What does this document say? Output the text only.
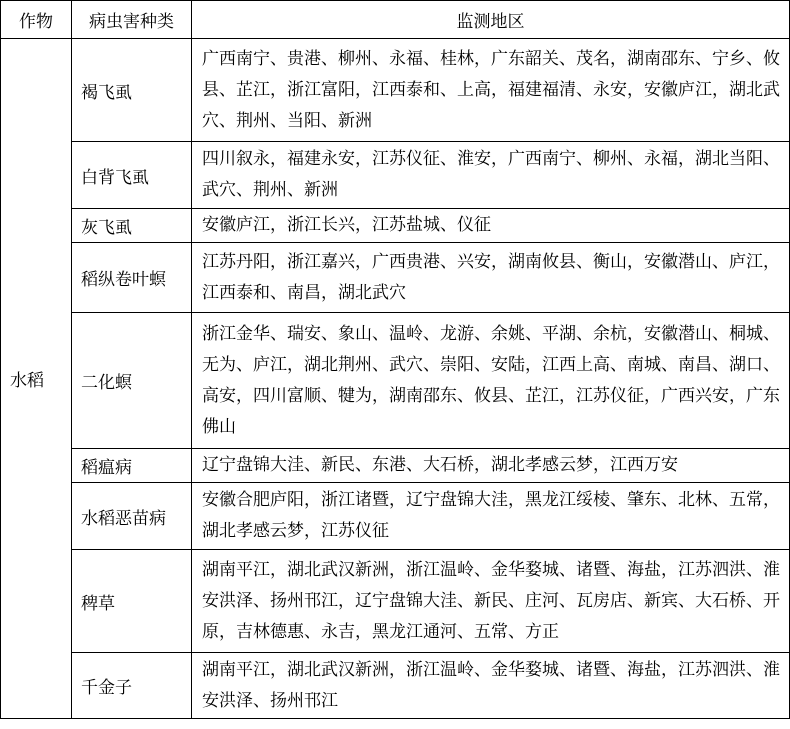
作物	病虫害种类	监测地区
水稻	褐飞虱	广西南宁、贵港、柳州、永福、桂林，广东韶关、茂名，湖南邵东、宁乡、攸县、芷江，浙江富阳，江西泰和、上高，福建福清、永安，安徽庐江，湖北武穴、荆州、当阳、新洲
	白背飞虱	四川叙永，福建永安，江苏仪征、淮安，广西南宁、柳州、永福，湖北当阳、武穴、荆州、新洲
	灰飞虱	安徽庐江，浙江长兴，江苏盐城、仪征
	稻纵卷叶螟	江苏丹阳，浙江嘉兴，广西贵港、兴安，湖南攸县、衡山，安徽潜山、庐江，江西泰和、南昌，湖北武穴
	二化螟	浙江金华、瑞安、象山、温岭、龙游、余姚、平湖、余杭，安徽潜山、桐城、无为、庐江，湖北荆州、武穴、崇阳、安陆，江西上高、南城、南昌、湖口、高安，四川富顺、犍为，湖南邵东、攸县、芷江，江苏仪征，广西兴安，广东佛山
	稻瘟病	辽宁盘锦大洼、新民、东港、大石桥，湖北孝感云梦，江西万安
	水稻恶苗病	安徽合肥庐阳，浙江诸暨，辽宁盘锦大洼，黑龙江绥棱、肇东、北林、五常，湖北孝感云梦，江苏仪征
	稗草	湖南平江，湖北武汉新洲，浙江温岭、金华婺城、诸暨、海盐，江苏泗洪、淮安洪泽、扬州邗江，辽宁盘锦大洼、新民、庄河、瓦房店、新宾、大石桥、开原，吉林德惠、永吉，黑龙江通河、五常、方正
	千金子	湖南平江，湖北武汉新洲，浙江温岭、金华婺城、诸暨、海盐，江苏泗洪、淮安洪泽、扬州邗江
